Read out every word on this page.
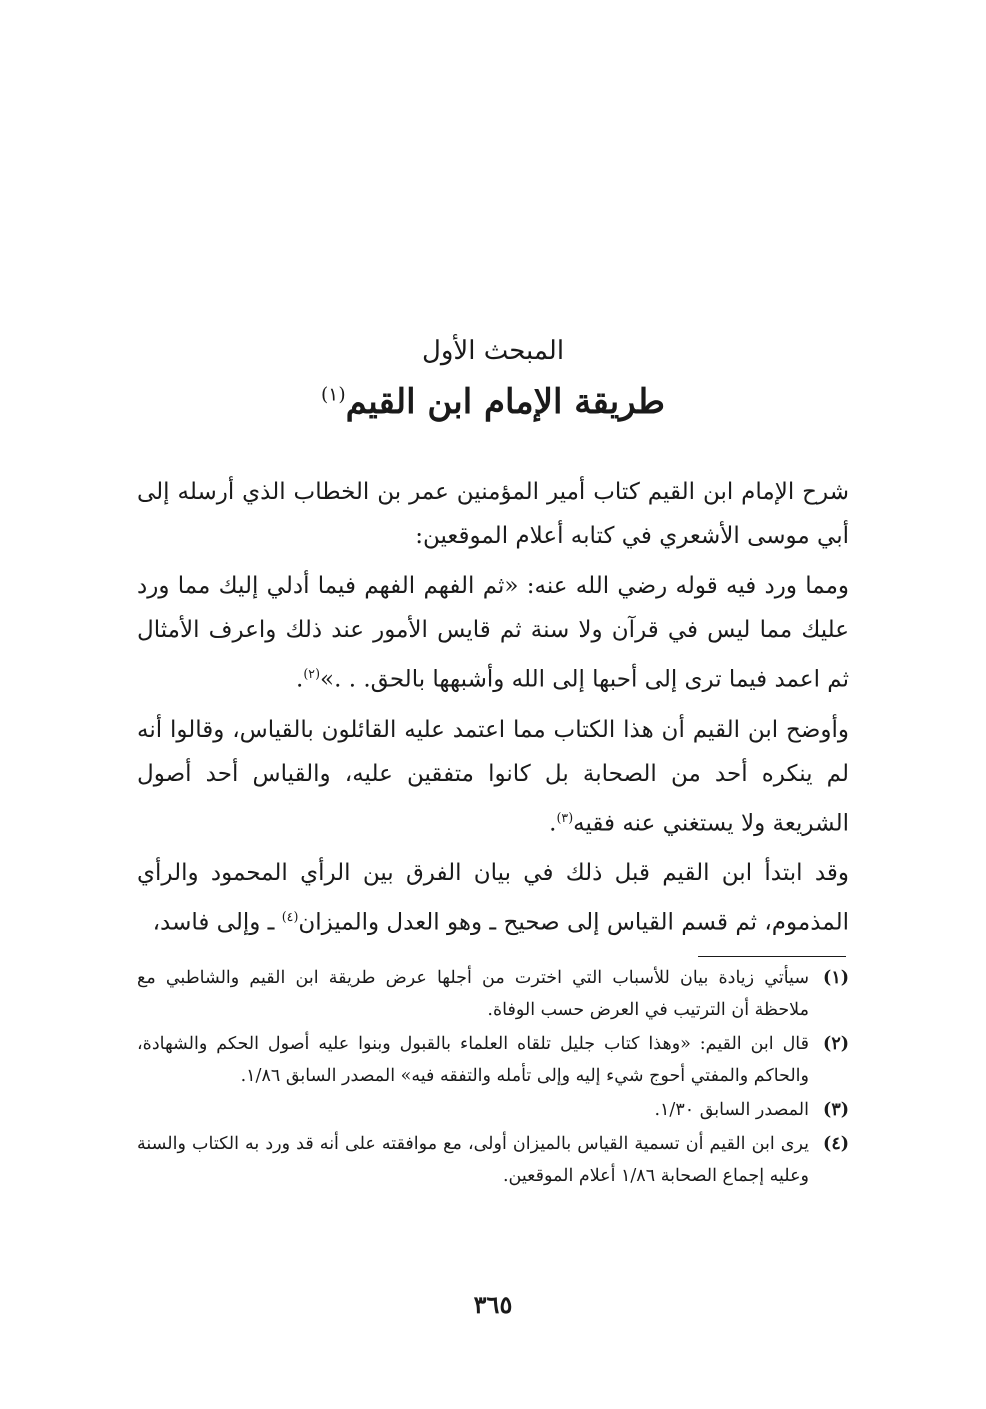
المبحث الأول
طريقة الإمام ابن القيم$^{(١)}$

شرح الإمام ابن القيم كتاب أمير المؤمنين عمر بن الخطاب الذي أرسله إلى أبي موسى الأشعري في كتابه أعلام الموقعين:

ومما ورد فيه قوله رضي الله عنه: «ثم الفهم الفهم فيما أدلي إليك مما ورد عليك مما ليس في قرآن ولا سنة ثم قايس الأمور عند ذلك واعرف الأمثال ثم اعمد فيما ترى إلى أحبها إلى الله وأشبهها بالحق. . .»$^{(٢)}$.

وأوضح ابن القيم أن هذا الكتاب مما اعتمد عليه القائلون بالقياس، وقالوا أنه لم ينكره أحد من الصحابة بل كانوا متفقين عليه، والقياس أحد أصول الشريعة ولا يستغني عنه فقيه$^{(٣)}$.

وقد ابتدأ ابن القيم قبل ذلك في بيان الفرق بين الرأي المحمود والرأي المذموم، ثم قسم القياس إلى صحيح ـ وهو العدل والميزان$^{(٤)}$ ـ وإلى فاسد،

(١)
سيأتي زيادة بيان للأسباب التي اخترت من أجلها عرض طريقة ابن القيم والشاطبي مع ملاحظة أن الترتيب في العرض حسب الوفاة.
(٢)
قال ابن القيم: «وهذا كتاب جليل تلقاه العلماء بالقبول وبنوا عليه أصول الحكم والشهادة، والحاكم والمفتي أحوج شيء إليه وإلى تأمله والتفقه فيه» المصدر السابق ١/٨٦.
(٣)
المصدر السابق ١/٣٠.
(٤)
يرى ابن القيم أن تسمية القياس بالميزان أولى، مع موافقته على أنه قد ورد به الكتاب والسنة وعليه إجماع الصحابة ١/٨٦ أعلام الموقعين.
٣٦٥
